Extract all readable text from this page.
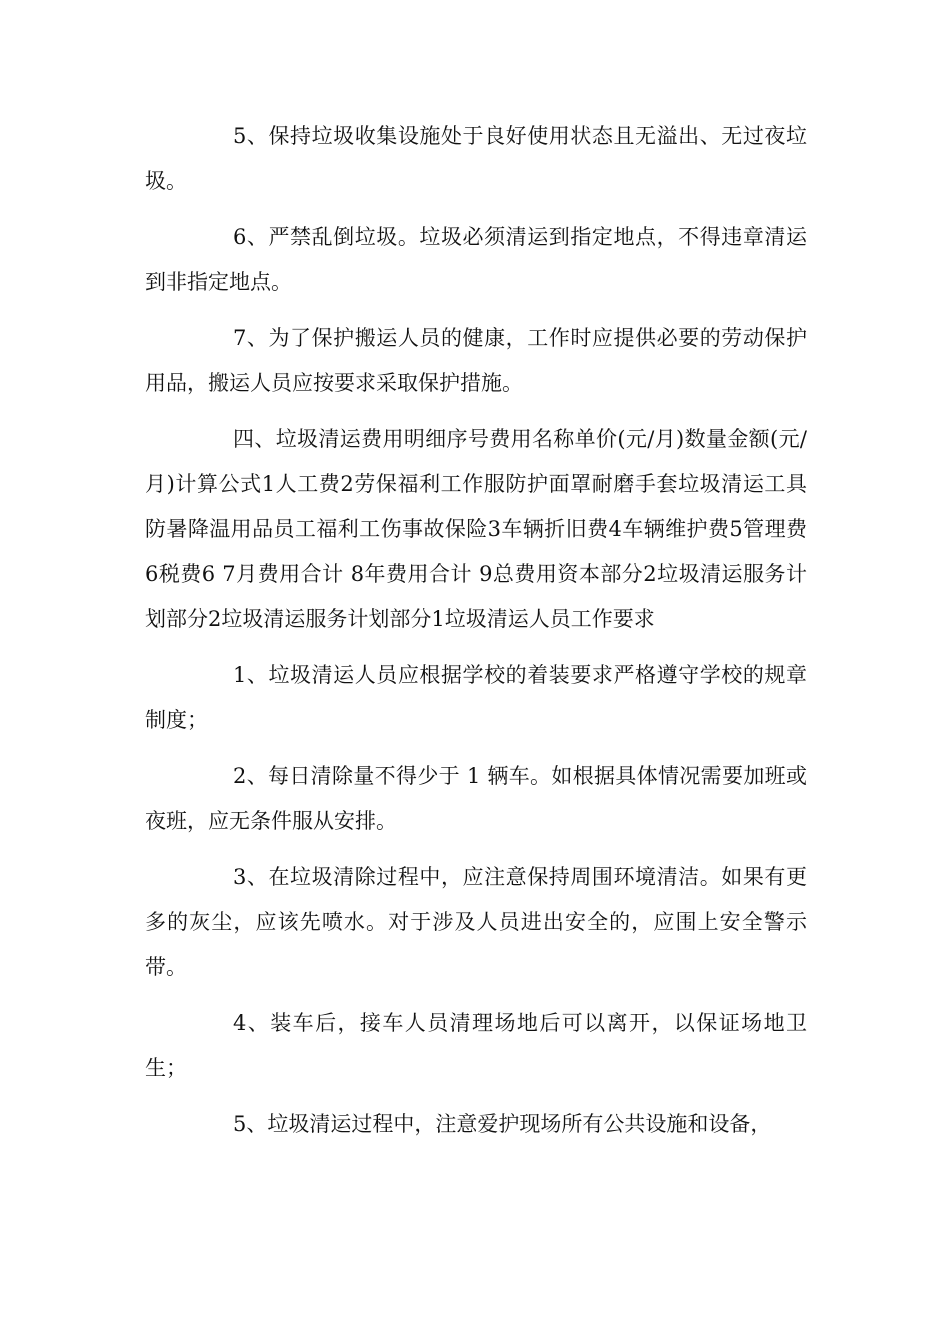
5、保持垃圾收集设施处于良好使用状态且无溢出、无过夜垃圾。

6、严禁乱倒垃圾。垃圾必须清运到指定地点，不得违章清运到非指定地点。

7、为了保护搬运人员的健康，工作时应提供必要的劳动保护用品，搬运人员应按要求采取保护措施。

四、垃圾清运费用明细序号费用名称单价(元/月)数量金额(元/月)计算公式1人工费2劳保福利工作服防护面罩耐磨手套垃圾清运工具防暑降温用品员工福利工伤事故保险3车辆折旧费4车辆维护费5管理费6税费6 7月费用合计 8年费用合计 9总费用资本部分2垃圾清运服务计划部分2垃圾清运服务计划部分1垃圾清运人员工作要求

1、垃圾清运人员应根据学校的着装要求严格遵守学校的规章制度；

2、每日清除量不得少于 1 辆车。如根据具体情况需要加班或夜班，应无条件服从安排。

3、在垃圾清除过程中，应注意保持周围环境清洁。如果有更多的灰尘，应该先喷水。对于涉及人员进出安全的，应围上安全警示带。

4、装车后，接车人员清理场地后可以离开，以保证场地卫生；

5、垃圾清运过程中，注意爱护现场所有公共设施和设备，
